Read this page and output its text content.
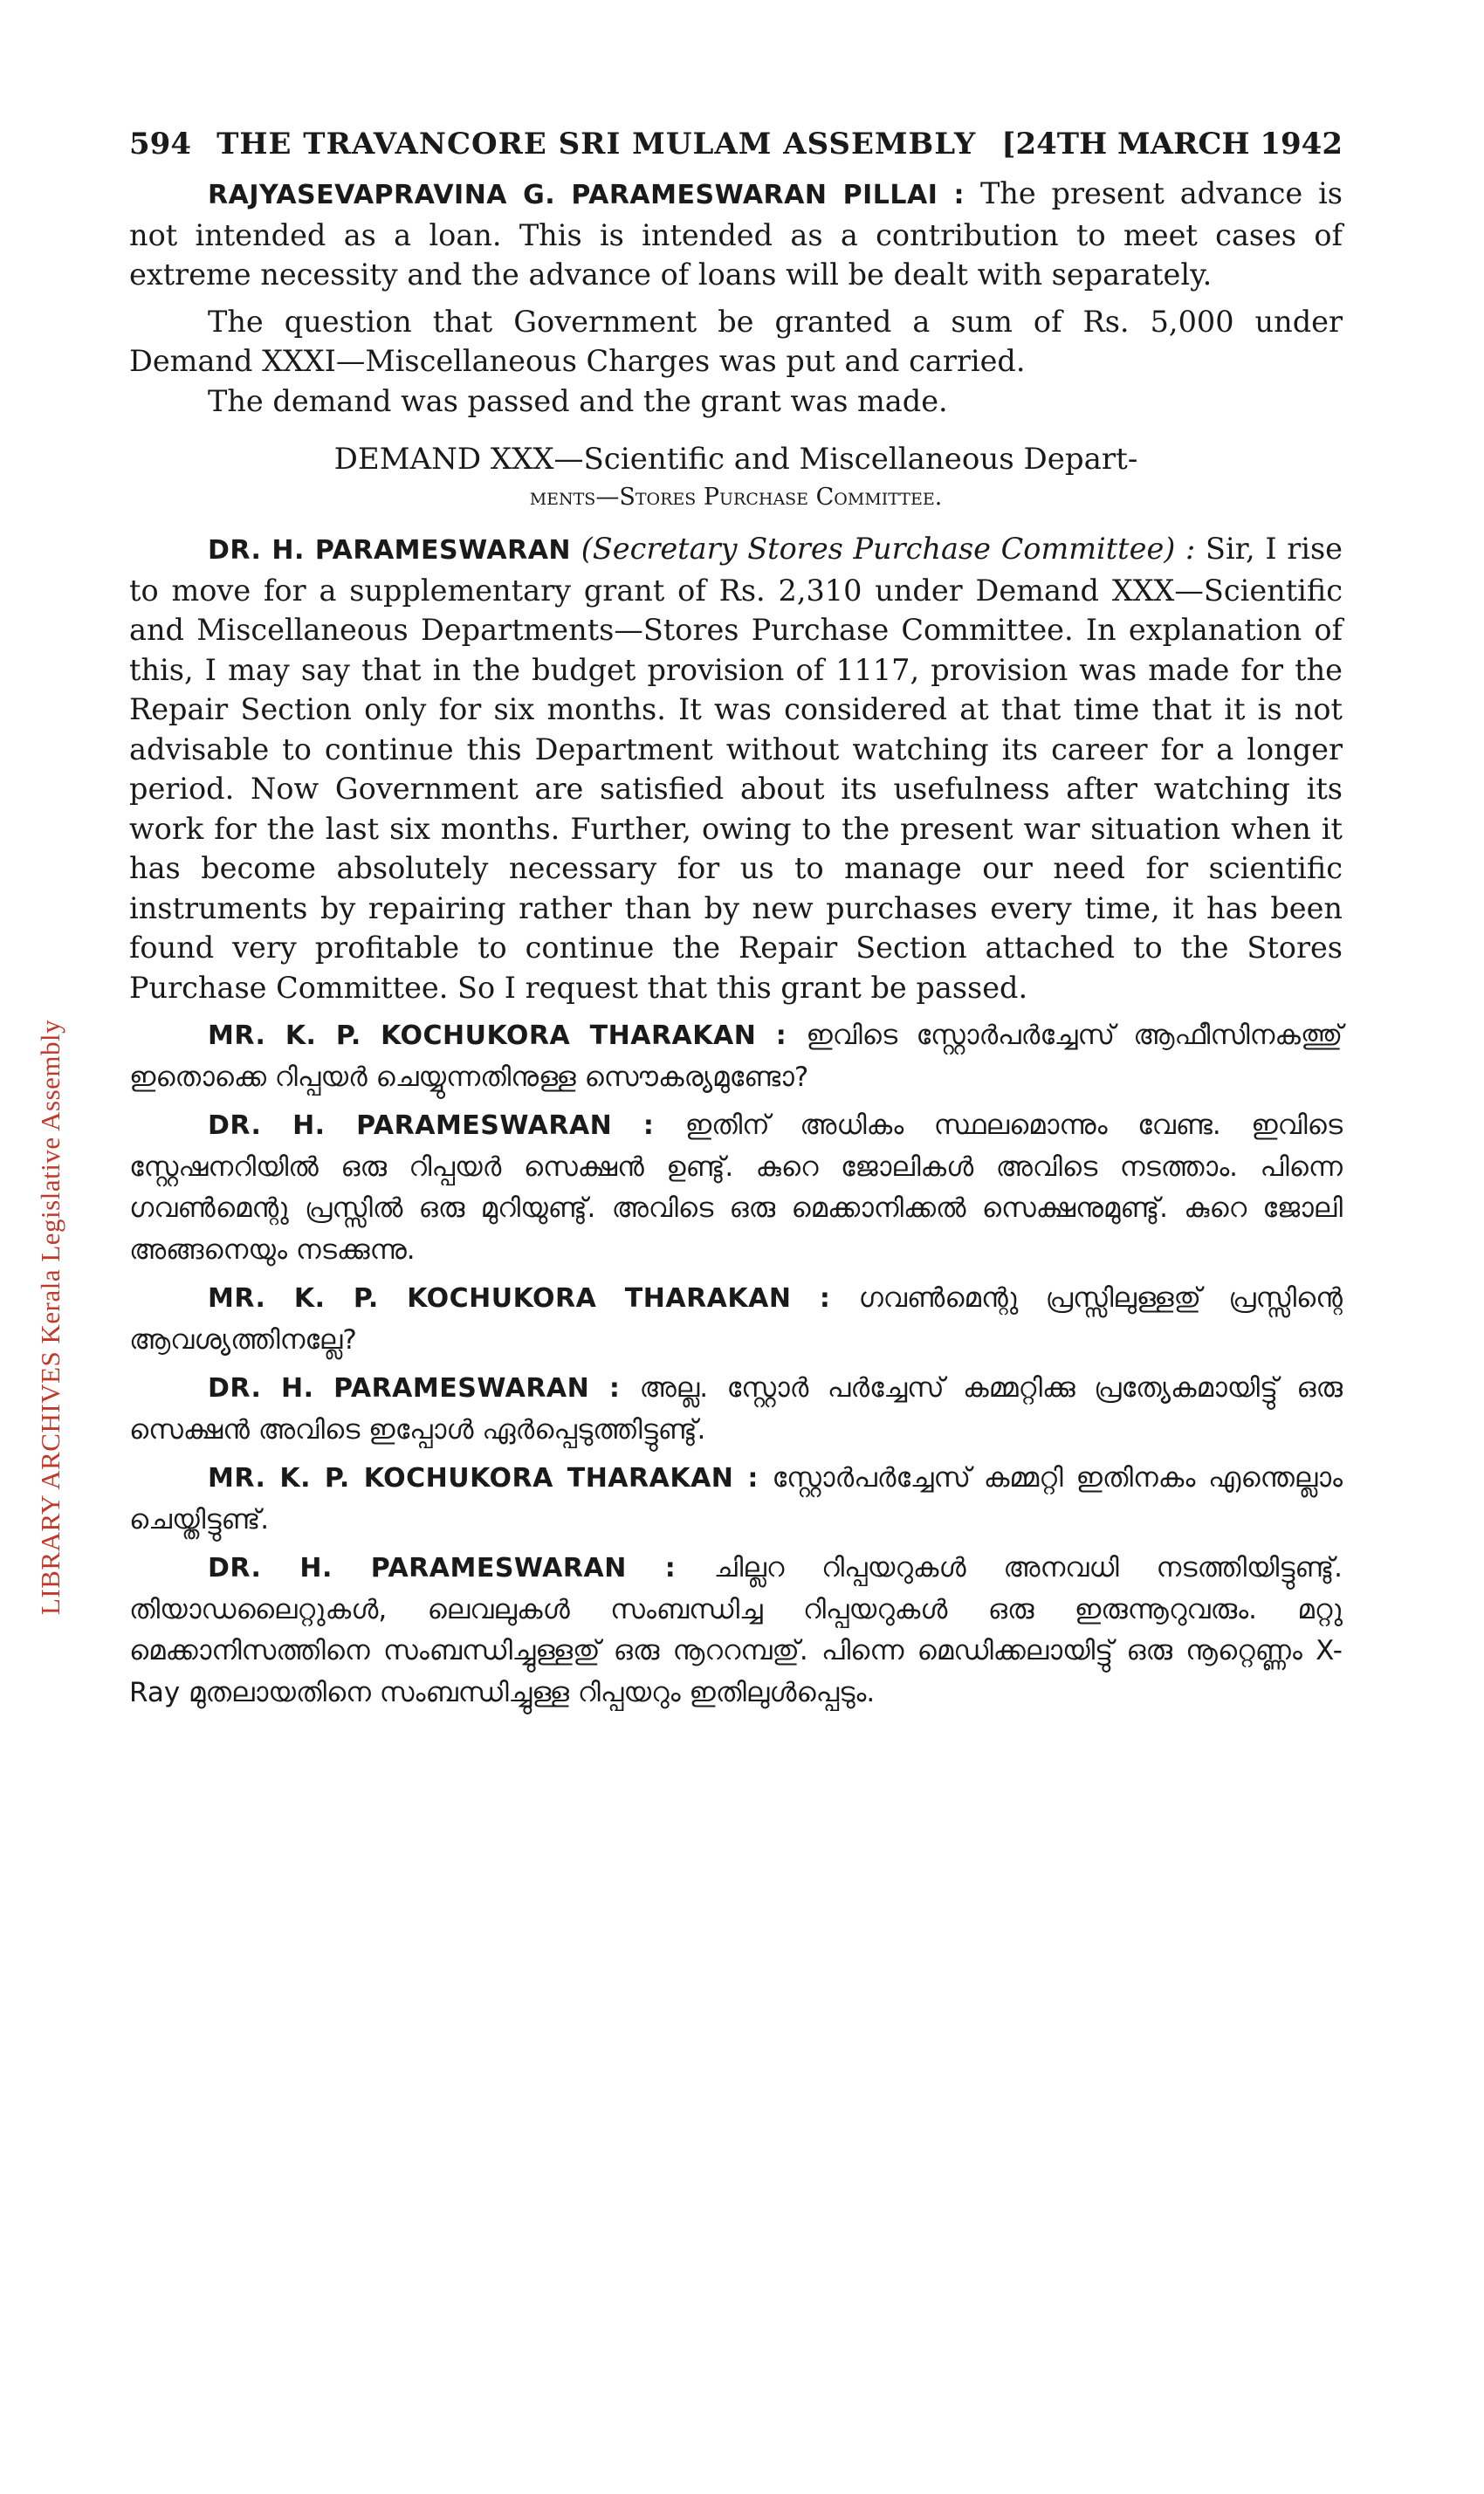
LIBRARY ARCHIVES Kerala Legislative Assembly
594 THE TRAVANCORE SRI MULAM ASSEMBLY [24TH MARCH 1942

RAJYASEVAPRAVINA G. PARAMESWARAN PILLAI : The present advance is not intended as a loan. This is intended as a contribution to meet cases of extreme necessity and the advance of loans will be dealt with separately.

The question that Government be granted a sum of Rs. 5,000 under Demand XXXI—Miscellaneous Charges was put and carried.

The demand was passed and the grant was made.

DEMAND XXX—Scientific and Miscellaneous Depart-
ments—Stores Purchase Committee.

DR. H. PARAMESWARAN (Secretary Stores Purchase Committee) : Sir, I rise to move for a supplementary grant of Rs. 2,310 under Demand XXX—Scientific and Miscellaneous Departments—Stores Purchase Committee. In explanation of this, I may say that in the budget provision of 1117, provision was made for the Repair Section only for six months. It was considered at that time that it is not advisable to continue this Department without watching its career for a longer period. Now Government are satisfied about its usefulness after watching its work for the last six months. Further, owing to the present war situation when it has become absolutely necessary for us to manage our need for scientific instruments by repairing rather than by new purchases every time, it has been found very profitable to continue the Repair Section attached to the Stores Purchase Committee. So I request that this grant be passed.

MR. K. P. KOCHUKORA THARAKAN : ഇവിടെ സ്റ്റോർപർച്ചേസ് ആഫീസിനകത്തു് ഇതൊക്കെ റിപ്പയർ ചെയ്യുന്നതിനുള്ള സൌകര്യമുണ്ടോ?

DR. H. PARAMESWARAN : ഇതിന് അധികം സ്ഥലമൊന്നും വേണ്ട. ഇവിടെ സ്റ്റേഷനറിയിൽ ഒരു റിപ്പയർ സെക്ഷൻ ഉണ്ടു്. കുറെ ജോലികൾ അവിടെ നടത്താം. പിന്നെ ഗവൺമെന്റു പ്രസ്സിൽ ഒരു മുറിയുണ്ടു്. അവിടെ ഒരു മെക്കാനിക്കൽ സെക്ഷനുമുണ്ടു്. കുറെ ജോലി അങ്ങനെയും നടക്കുന്നു.

MR. K. P. KOCHUKORA THARAKAN : ഗവൺമെന്റു പ്രസ്സിലുള്ളതു് പ്രസ്സിന്റെ ആവശ്യത്തിനല്ലേ?

DR. H. PARAMESWARAN : അല്ല. സ്റ്റോർ പർച്ചേസ് കമ്മറ്റിക്കു പ്രത്യേകമായിട്ടു് ഒരു സെക്ഷൻ അവിടെ ഇപ്പോൾ ഏർപ്പെടുത്തിട്ടുണ്ടു്.

MR. K. P. KOCHUKORA THARAKAN : സ്റ്റോർപർച്ചേസ് കമ്മറ്റി ഇതിനകം എന്തെല്ലാം ചെയ്തിട്ടുണ്ട്.

DR. H. PARAMESWARAN : ചില്ലറ റിപ്പയറുകൾ അനവധി നടത്തിയിട്ടുണ്ടു്. തിയാഡലൈറ്റുകൾ, ലെവലുകൾ സംബന്ധിച്ച റിപ്പയറുകൾ ഒരു ഇരുന്നൂറുവരും. മറ്റു മെക്കാനിസത്തിനെ സംബന്ധിച്ചുള്ളതു് ഒരു നൂററമ്പതു്. പിന്നെ മെഡിക്കലായിട്ടു് ഒരു നൂറ്റെണ്ണം X-Ray മുതലായതിനെ സംബന്ധിച്ചുള്ള റിപ്പയറും ഇതിലുൾപ്പെടും.
